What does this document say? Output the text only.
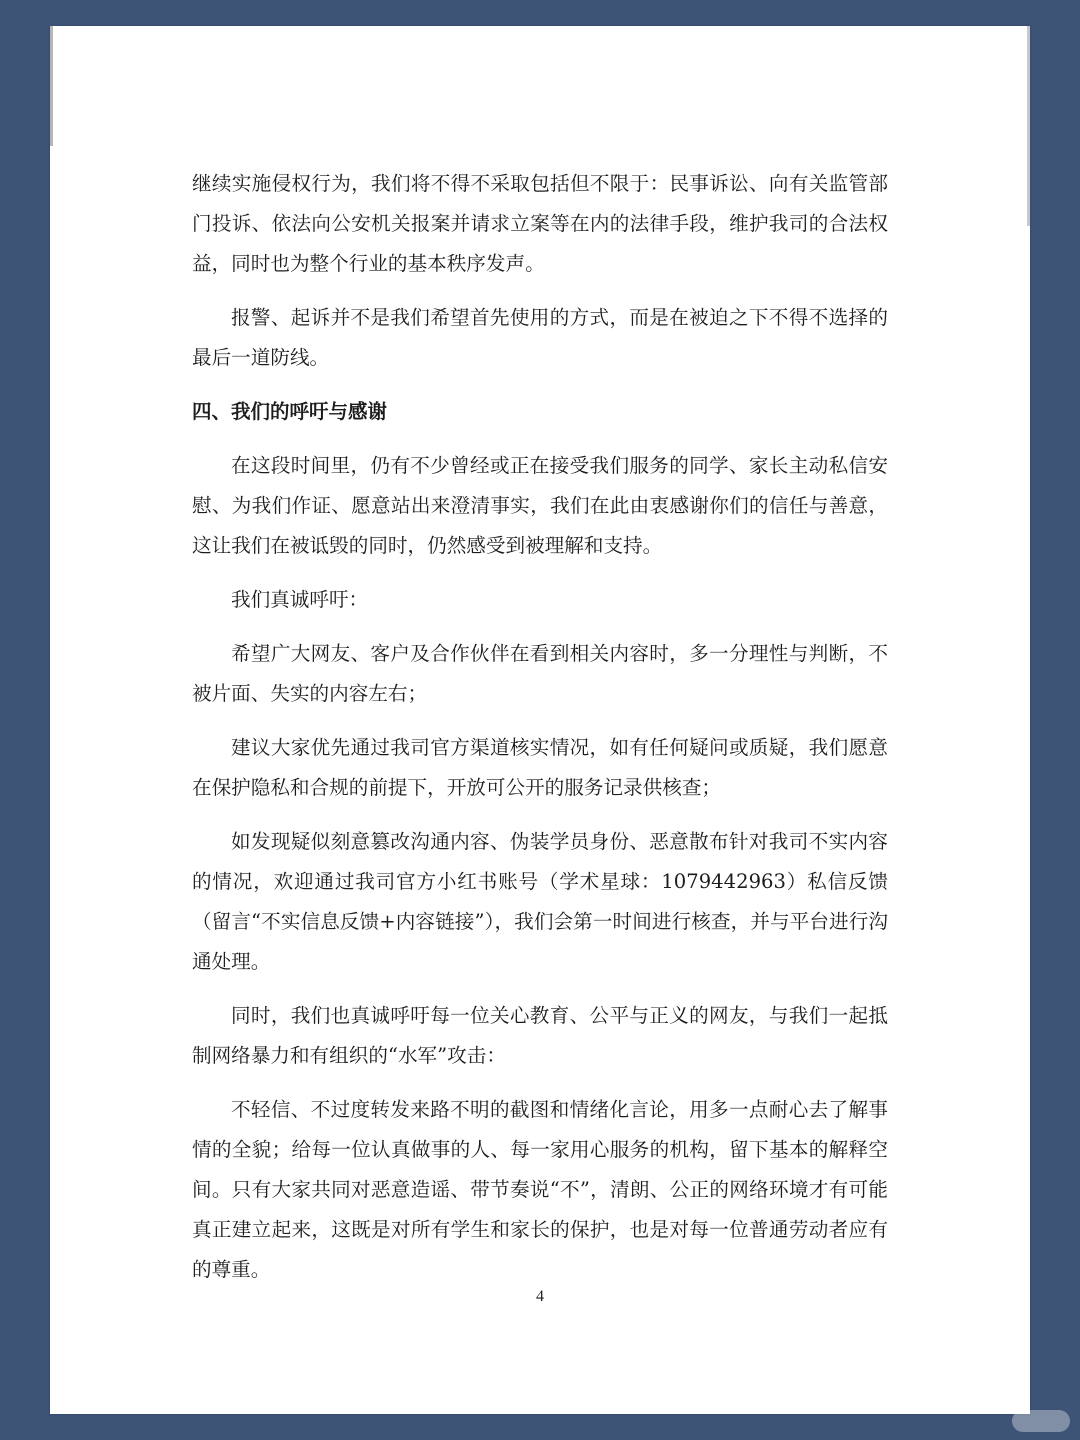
继续实施侵权行为，我们将不得不采取包括但不限于：民事诉讼、向有关监管部门投诉、依法向公安机关报案并请求立案等在内的法律手段，维护我司的合法权益，同时也为整个行业的基本秩序发声。

报警、起诉并不是我们希望首先使用的方式，而是在被迫之下不得不选择的最后一道防线。

四、我们的呼吁与感谢

在这段时间里，仍有不少曾经或正在接受我们服务的同学、家长主动私信安慰、为我们作证、愿意站出来澄清事实，我们在此由衷感谢你们的信任与善意，这让我们在被诋毁的同时，仍然感受到被理解和支持。

我们真诚呼吁：

希望广大网友、客户及合作伙伴在看到相关内容时，多一分理性与判断，不被片面、失实的内容左右；

建议大家优先通过我司官方渠道核实情况，如有任何疑问或质疑，我们愿意在保护隐私和合规的前提下，开放可公开的服务记录供核查；

如发现疑似刻意篡改沟通内容、伪装学员身份、恶意散布针对我司不实内容的情况，欢迎通过我司官方小红书账号（学术星球：1079442963）私信反馈（留言“不实信息反馈+内容链接”），我们会第一时间进行核查，并与平台进行沟通处理。

同时，我们也真诚呼吁每一位关心教育、公平与正义的网友，与我们一起抵制网络暴力和有组织的“水军”攻击：

不轻信、不过度转发来路不明的截图和情绪化言论，用多一点耐心去了解事情的全貌；给每一位认真做事的人、每一家用心服务的机构，留下基本的解释空间。只有大家共同对恶意造谣、带节奏说“不”，清朗、公正的网络环境才有可能真正建立起来，这既是对所有学生和家长的保护，也是对每一位普通劳动者应有的尊重。

4
